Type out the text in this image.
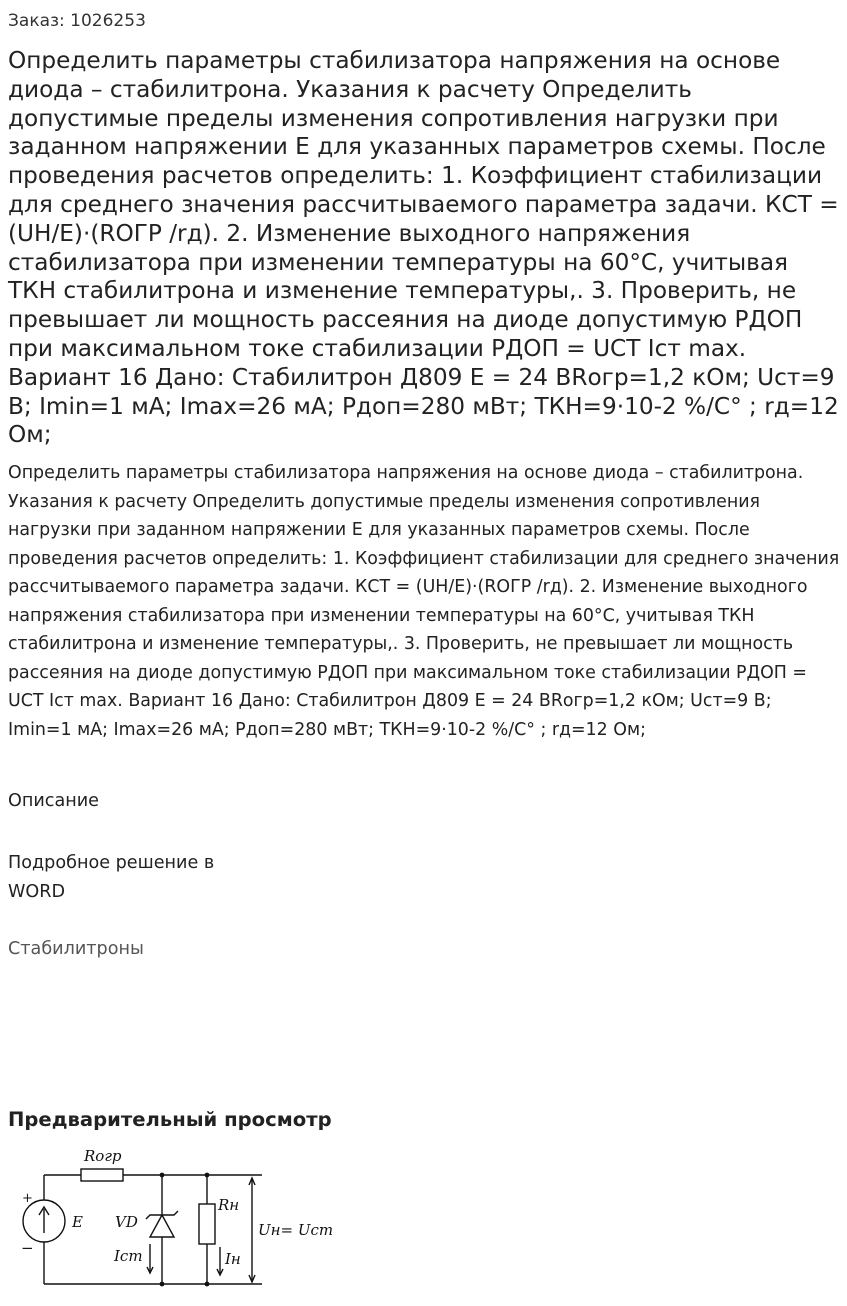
Заказ: 1026253
Определить параметры стабилизатора напряжения на основе диода – стабилитрона. Указания к расчету Определить допустимые пределы изменения сопротивления нагрузки при заданном напряжении E для указанных параметров схемы. После проведения расчетов определить: 1. Коэффициент стабилизации для среднего значения рассчитываемого параметра задачи. КСТ = (UН/E)·(RОГР /rд). 2. Изменение выходного напряжения стабилизатора при изменении температуры на 60°С, учитывая ТКН стабилитрона и изменение температуры,. 3. Проверить, не превышает ли мощность рассеяния на диоде допустимую РДОП при максимальном токе стабилизации РДОП = UСТ Iст max. Вариант 16 Дано: Стабилитрон Д809 Е = 24 ВRогр=1,2 кОм; Uст=9 В; Imin=1 мА; Imax=26 мА; Рдоп=280 мВт; ТКН=9·10-2 %/С° ; rд=12 Ом;

Определить параметры стабилизатора напряжения на основе диода – стабилитрона. Указания к расчету Определить допустимые пределы изменения сопротивления нагрузки при заданном напряжении E для указанных параметров схемы. После проведения расчетов определить: 1. Коэффициент стабилизации для среднего значения рассчитываемого параметра задачи. КСТ = (UН/E)·(RОГР /rд). 2. Изменение выходного напряжения стабилизатора при изменении температуры на 60°С, учитывая ТКН стабилитрона и изменение температуры,. 3. Проверить, не превышает ли мощность рассеяния на диоде допустимую РДОП при максимальном токе стабилизации РДОП = UСТ Iст max. Вариант 16 Дано: Стабилитрон Д809 Е = 24 ВRогр=1,2 кОм; Uст=9 В; Imin=1 мА; Imax=26 мА; Рдоп=280 мВт; ТКН=9·10-2 %/С° ; rд=12 Ом;

Описание
Подробное решение в WORD
Стабилитроны
Предварительный просмотр
Rогр
+
−
E VD
Iст
Rн
Iн
Uн= Uст
